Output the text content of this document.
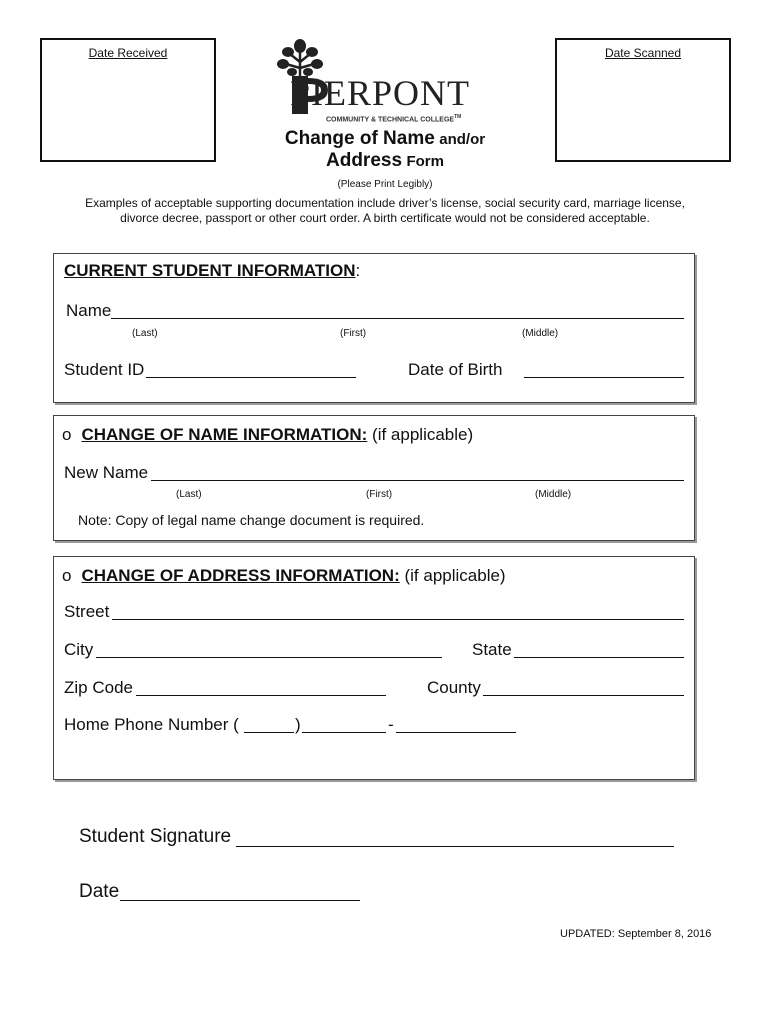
Date Received	Date Scanned
PIERPONT
COMMUNITY & TECHNICAL COLLEGE™
Change of Name and/or
Address Form
(Please Print Legibly)
Examples of acceptable supporting documentation include driver’s license, social security card, marriage license,
divorce decree, passport or other court order. A birth certificate would not be considered acceptable.
CURRENT STUDENT INFORMATION:
Name
(Last)	(First)	(Middle)
Student ID	Date of Birth
o CHANGE OF NAME INFORMATION: (if applicable)
New Name
(Last)	(First)	(Middle)
Note: Copy of legal name change document is required.
o CHANGE OF ADDRESS INFORMATION: (if applicable)
Street
City	State
Zip Code	County
Home Phone Number (	)	-
Student Signature
Date
UPDATED: September 8, 2016
